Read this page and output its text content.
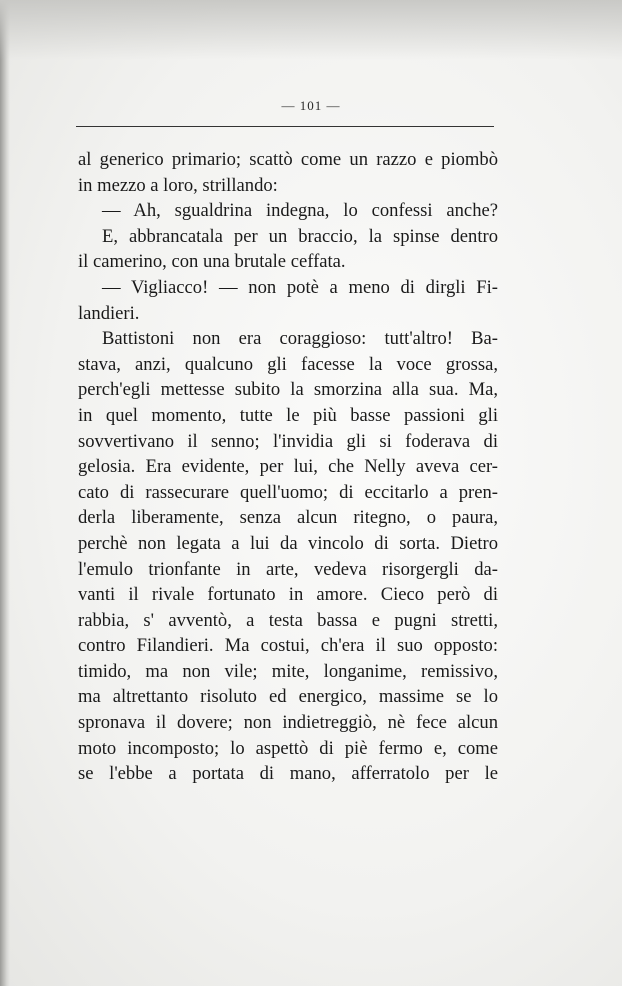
— 101 —
al generico primario; scattò come un razzo e piombò
in mezzo a loro, strillando:
— Ah, sgualdrina indegna, lo confessi anche?
E, abbrancatala per un braccio, la spinse dentro
il camerino, con una brutale ceffata.
— Vigliacco! — non potè a meno di dirgli Fi-
landieri.
Battistoni non era coraggioso: tutt'altro! Ba-
stava, anzi, qualcuno gli facesse la voce grossa,
perch'egli mettesse subito la smorzina alla sua. Ma,
in quel momento, tutte le più basse passioni gli
sovvertivano il senno; l'invidia gli si foderava di
gelosia. Era evidente, per lui, che Nelly aveva cer-
cato di rassecurare quell'uomo; di eccitarlo a pren-
derla liberamente, senza alcun ritegno, o paura,
perchè non legata a lui da vincolo di sorta. Dietro
l'emulo trionfante in arte, vedeva risorgergli da-
vanti il rivale fortunato in amore. Cieco però di
rabbia, s' avventò, a testa bassa e pugni stretti,
contro Filandieri. Ma costui, ch'era il suo opposto:
timido, ma non vile; mite, longanime, remissivo,
ma altrettanto risoluto ed energico, massime se lo
spronava il dovere; non indietreggiò, nè fece alcun
moto incomposto; lo aspettò di piè fermo e, come
se l'ebbe a portata di mano, afferratolo per le
